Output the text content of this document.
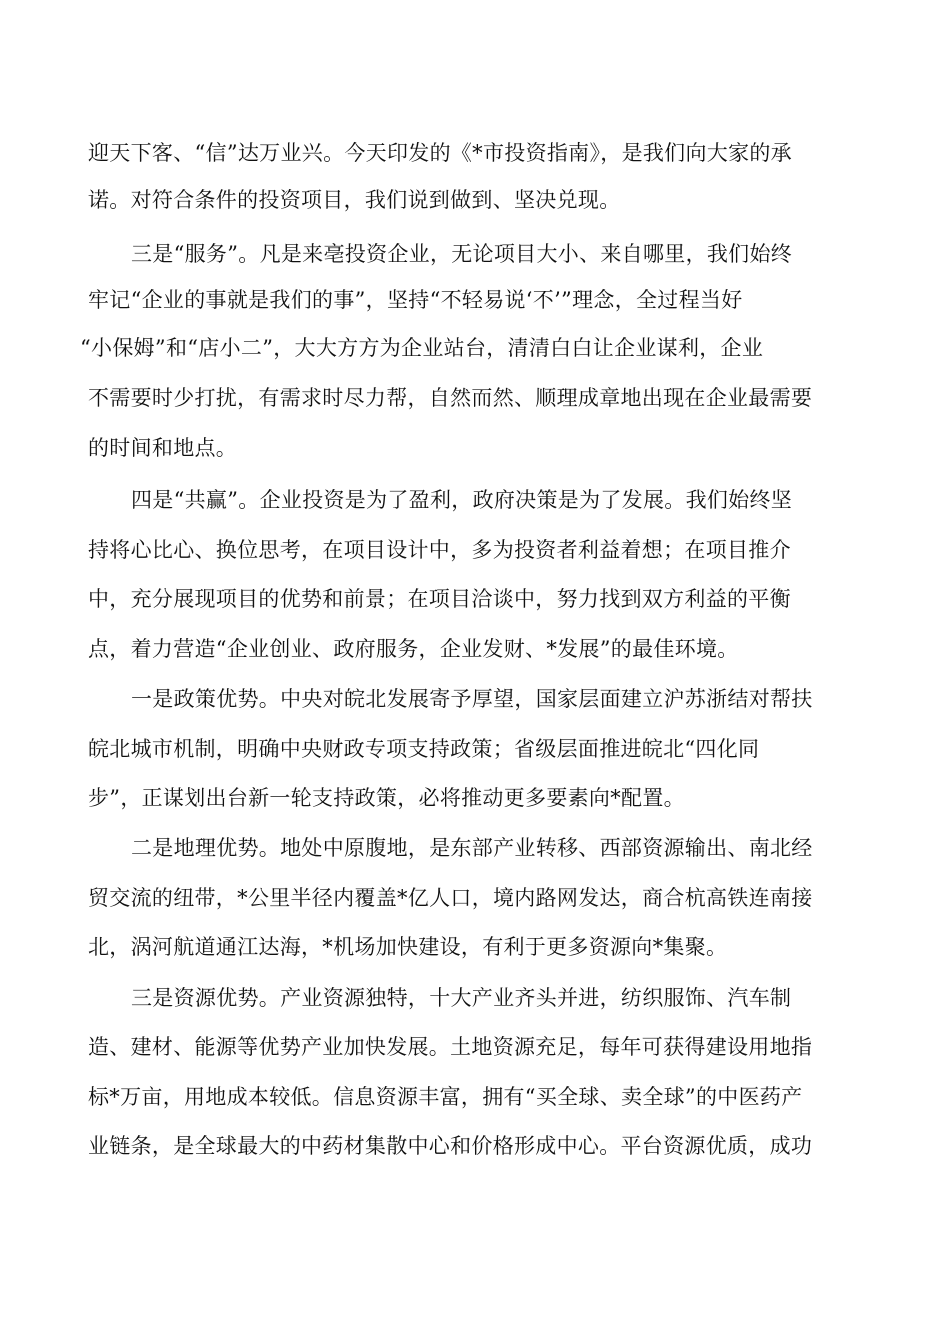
迎天下客、“信”达万业兴。今天印发的《*市投资指南》，是我们向大家的承
诺。对符合条件的投资项目，我们说到做到、坚决兑现。
三是“服务”。凡是来亳投资企业，无论项目大小、来自哪里，我们始终
牢记“企业的事就是我们的事”，坚持“不轻易说‘不’”理念，全过程当好
“小保姆”和“店小二”，大大方方为企业站台，清清白白让企业谋利，企业
不需要时少打扰，有需求时尽力帮，自然而然、顺理成章地出现在企业最需要
的时间和地点。
四是“共赢”。企业投资是为了盈利，政府决策是为了发展。我们始终坚
持将心比心、换位思考，在项目设计中，多为投资者利益着想；在项目推介
中，充分展现项目的优势和前景；在项目洽谈中，努力找到双方利益的平衡
点，着力营造“企业创业、政府服务，企业发财、*发展”的最佳环境。
一是政策优势。中央对皖北发展寄予厚望，国家层面建立沪苏浙结对帮扶
皖北城市机制，明确中央财政专项支持政策；省级层面推进皖北“四化同
步”，正谋划出台新一轮支持政策，必将推动更多要素向*配置。
二是地理优势。地处中原腹地，是东部产业转移、西部资源输出、南北经
贸交流的纽带，*公里半径内覆盖*亿人口，境内路网发达，商合杭高铁连南接
北，涡河航道通江达海，*机场加快建设，有利于更多资源向*集聚。
三是资源优势。产业资源独特，十大产业齐头并进，纺织服饰、汽车制
造、建材、能源等优势产业加快发展。土地资源充足，每年可获得建设用地指
标*万亩，用地成本较低。信息资源丰富，拥有“买全球、卖全球”的中医药产
业链条，是全球最大的中药材集散中心和价格形成中心。平台资源优质，成功
